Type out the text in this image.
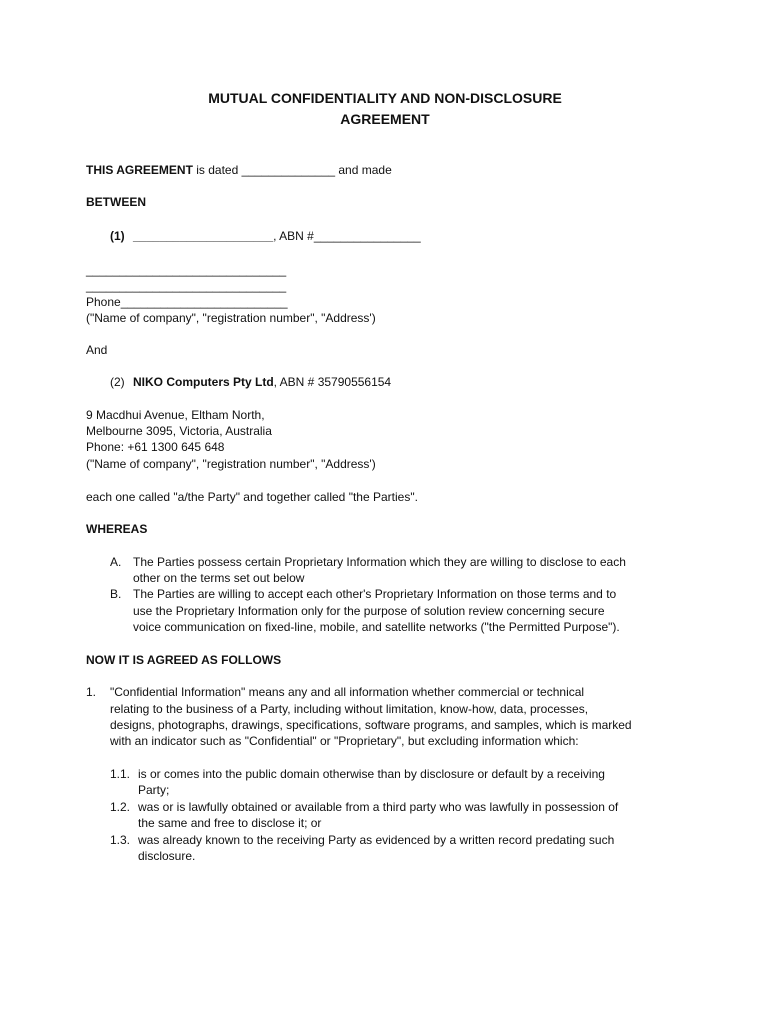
MUTUAL CONFIDENTIALITY AND NON-DISCLOSURE
AGREEMENT
THIS AGREEMENT is dated ______________ and made
BETWEEN
(1) _____________________, ABN #________________
______________________________
______________________________
Phone_________________________
("Name of company", "registration number", "Address')
And
(2) NIKO Computers Pty Ltd, ABN # 35790556154
9 Macdhui Avenue, Eltham North,
Melbourne 3095, Victoria, Australia
Phone: +61 1300 645 648
("Name of company", "registration number", "Address')
each one called "a/the Party" and together called "the Parties".
WHEREAS
A. The Parties possess certain Proprietary Information which they are willing to disclose to each
other on the terms set out below
B. The Parties are willing to accept each other's Proprietary Information on those terms and to
use the Proprietary Information only for the purpose of solution review concerning secure
voice communication on fixed-line, mobile, and satellite networks ("the Permitted Purpose").
NOW IT IS AGREED AS FOLLOWS
1. "Confidential Information" means any and all information whether commercial or technical
relating to the business of a Party, including without limitation, know-how, data, processes,
designs, photographs, drawings, specifications, software programs, and samples, which is marked
with an indicator such as "Confidential" or "Proprietary", but excluding information which:
1.1. is or comes into the public domain otherwise than by disclosure or default by a receiving
Party;
1.2. was or is lawfully obtained or available from a third party who was lawfully in possession of
the same and free to disclose it; or
1.3. was already known to the receiving Party as evidenced by a written record predating such
disclosure.
